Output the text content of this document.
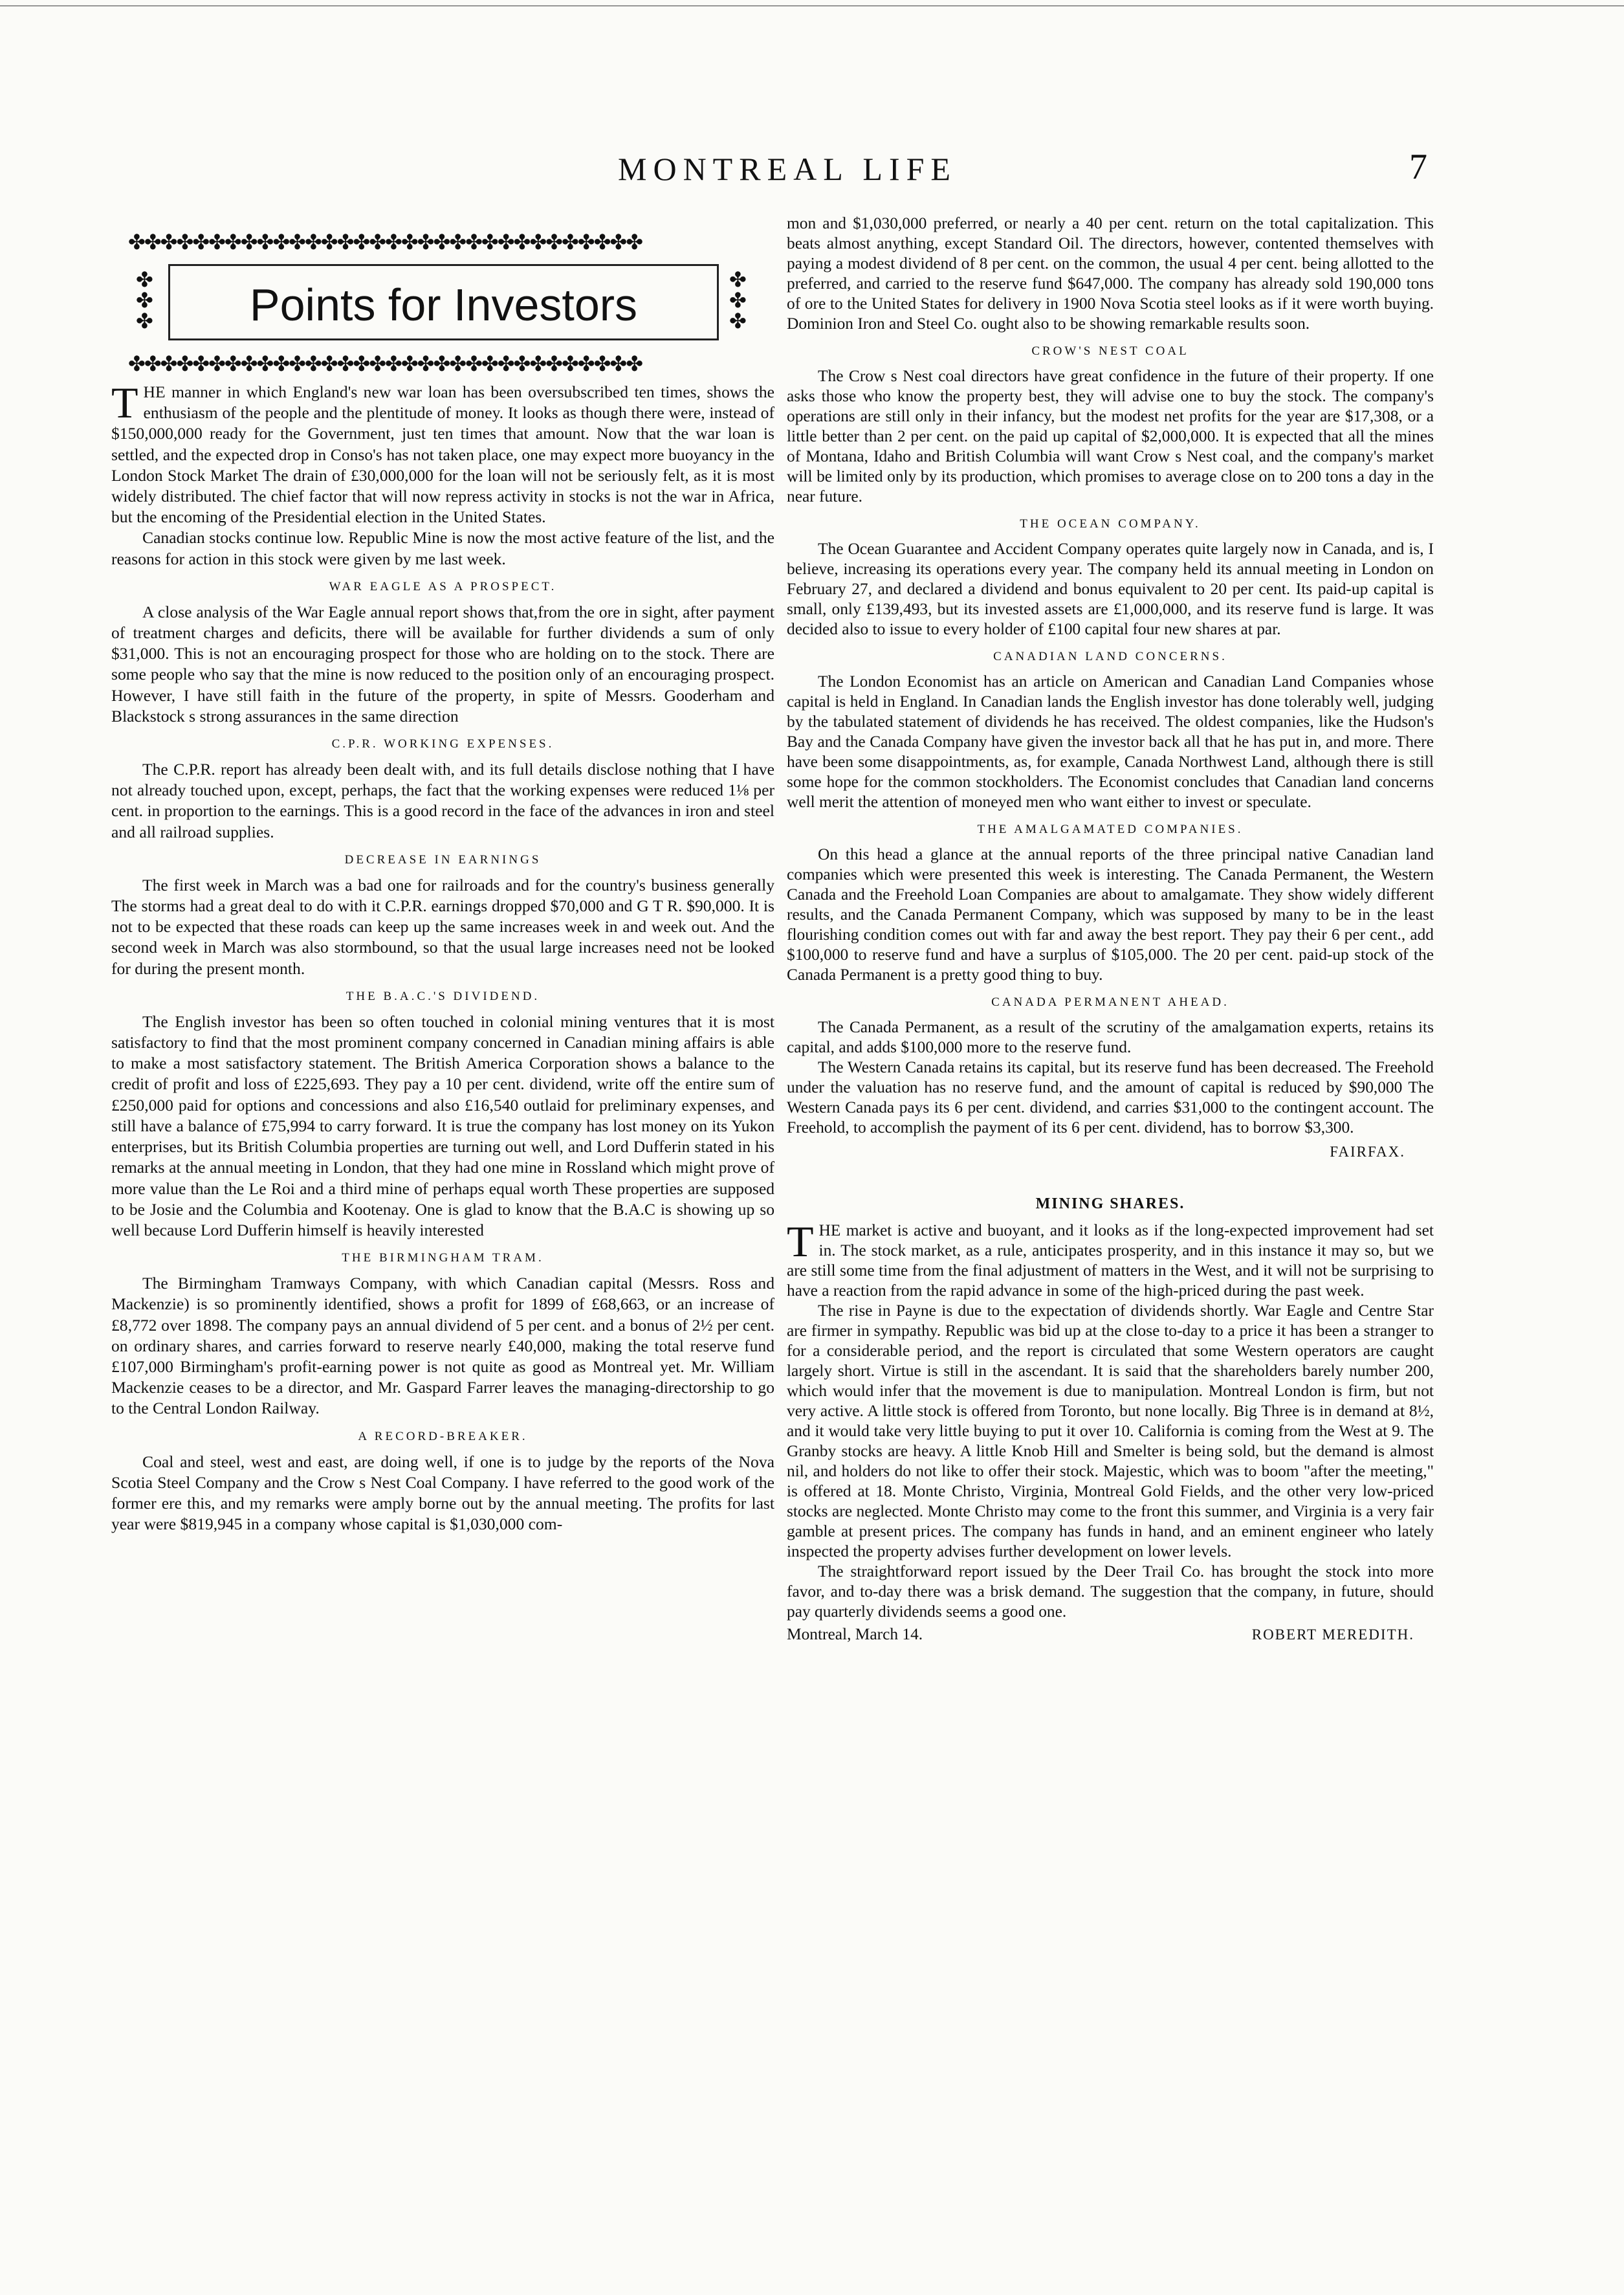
MONTREAL LIFE	7
✤✤✤✤✤✤✤✤✤✤✤✤✤✤✤✤✤✤✤✤✤✤✤✤✤✤✤✤✤✤✤✤
✤✤✤
✤✤✤
Points for Investors
✤✤✤✤✤✤✤✤✤✤✤✤✤✤✤✤✤✤✤✤✤✤✤✤✤✤✤✤✤✤✤✤

THE manner in which England's new war loan has been oversubscribed ten times, shows the enthusiasm of the people and the plentitude of money. It looks as though there were, instead of $150,000,000 ready for the Government, just ten times that amount. Now that the war loan is settled, and the expected drop in Conso's has not taken place, one may expect more buoyancy in the London Stock Market The drain of £30,000,000 for the loan will not be seriously felt, as it is most widely distributed. The chief factor that will now repress activity in stocks is not the war in Africa, but the encoming of the Presidential election in the United States.

Canadian stocks continue low. Republic Mine is now the most active feature of the list, and the reasons for action in this stock were given by me last week.

WAR EAGLE AS A PROSPECT.

A close analysis of the War Eagle annual report shows that,from the ore in sight, after payment of treatment charges and deficits, there will be available for further dividends a sum of only $31,000. This is not an encouraging prospect for those who are holding on to the stock. There are some people who say that the mine is now reduced to the position only of an encouraging prospect. However, I have still faith in the future of the property, in spite of Messrs. Gooderham and Blackstock s strong assurances in the same direction

C.P.R. WORKING EXPENSES.

The C.P.R. report has already been dealt with, and its full details disclose nothing that I have not already touched upon, except, perhaps, the fact that the working expenses were reduced 1⅛ per cent. in proportion to the earnings. This is a good record in the face of the advances in iron and steel and all railroad supplies.

DECREASE IN EARNINGS

The first week in March was a bad one for railroads and for the country's business generally The storms had a great deal to do with it C.P.R. earnings dropped $70,000 and G T R. $90,000. It is not to be expected that these roads can keep up the same increases week in and week out. And the second week in March was also stormbound, so that the usual large increases need not be looked for during the present month.

THE B.A.C.'S DIVIDEND.

The English investor has been so often touched in colonial mining ventures that it is most satisfactory to find that the most prominent company concerned in Canadian mining affairs is able to make a most satisfactory statement. The British America Corporation shows a balance to the credit of profit and loss of £225,693. They pay a 10 per cent. dividend, write off the entire sum of £250,000 paid for options and concessions and also £16,540 outlaid for preliminary expenses, and still have a balance of £75,994 to carry forward. It is true the company has lost money on its Yukon enterprises, but its British Columbia properties are turning out well, and Lord Dufferin stated in his remarks at the annual meeting in London, that they had one mine in Rossland which might prove of more value than the Le Roi and a third mine of perhaps equal worth These properties are supposed to be Josie and the Columbia and Kootenay. One is glad to know that the B.A.C is showing up so well because Lord Dufferin himself is heavily interested

THE BIRMINGHAM TRAM.

The Birmingham Tramways Company, with which Canadian capital (Messrs. Ross and Mackenzie) is so prominently identified, shows a profit for 1899 of £68,663, or an increase of £8,772 over 1898. The company pays an annual dividend of 5 per cent. and a bonus of 2½ per cent. on ordinary shares, and carries forward to reserve nearly £40,000, making the total reserve fund £107,000 Birmingham's profit-earning power is not quite as good as Montreal yet. Mr. William Mackenzie ceases to be a director, and Mr. Gaspard Farrer leaves the managing-directorship to go to the Central London Railway.

A RECORD-BREAKER.

Coal and steel, west and east, are doing well, if one is to judge by the reports of the Nova Scotia Steel Company and the Crow s Nest Coal Company. I have referred to the good work of the former ere this, and my remarks were amply borne out by the annual meeting. The profits for last year were $819,945 in a company whose capital is $1,030,000 com-

mon and $1,030,000 preferred, or nearly a 40 per cent. return on the total capitalization. This beats almost anything, except Standard Oil. The directors, however, contented themselves with paying a modest dividend of 8 per cent. on the common, the usual 4 per cent. being allotted to the preferred, and carried to the reserve fund $647,000. The company has already sold 190,000 tons of ore to the United States for delivery in 1900 Nova Scotia steel looks as if it were worth buying. Dominion Iron and Steel Co. ought also to be showing remarkable results soon.

CROW'S NEST COAL

The Crow s Nest coal directors have great confidence in the future of their property. If one asks those who know the property best, they will advise one to buy the stock. The company's operations are still only in their infancy, but the modest net profits for the year are $17,308, or a little better than 2 per cent. on the paid up capital of $2,000,000. It is expected that all the mines of Montana, Idaho and British Columbia will want Crow s Nest coal, and the company's market will be limited only by its production, which promises to average close on to 200 tons a day in the near future.

THE OCEAN COMPANY.

The Ocean Guarantee and Accident Company operates quite largely now in Canada, and is, I believe, increasing its operations every year. The company held its annual meeting in London on February 27, and declared a dividend and bonus equivalent to 20 per cent. Its paid-up capital is small, only £139,493, but its invested assets are £1,000,000, and its reserve fund is large. It was decided also to issue to every holder of £100 capital four new shares at par.

CANADIAN LAND CONCERNS.

The London Economist has an article on American and Canadian Land Companies whose capital is held in England. In Canadian lands the English investor has done tolerably well, judging by the tabulated statement of dividends he has received. The oldest companies, like the Hudson's Bay and the Canada Company have given the investor back all that he has put in, and more. There have been some disappointments, as, for example, Canada Northwest Land, although there is still some hope for the common stockholders. The Economist concludes that Canadian land concerns well merit the attention of moneyed men who want either to invest or speculate.

THE AMALGAMATED COMPANIES.

On this head a glance at the annual reports of the three principal native Canadian land companies which were presented this week is interesting. The Canada Permanent, the Western Canada and the Freehold Loan Companies are about to amalgamate. They show widely different results, and the Canada Permanent Company, which was supposed by many to be in the least flourishing condition comes out with far and away the best report. They pay their 6 per cent., add $100,000 to reserve fund and have a surplus of $105,000. The 20 per cent. paid-up stock of the Canada Permanent is a pretty good thing to buy.

CANADA PERMANENT AHEAD.

The Canada Permanent, as a result of the scrutiny of the amalgamation experts, retains its capital, and adds $100,000 more to the reserve fund.

The Western Canada retains its capital, but its reserve fund has been decreased. The Freehold under the valuation has no reserve fund, and the amount of capital is reduced by $90,000 The Western Canada pays its 6 per cent. dividend, and carries $31,000 to the contingent account. The Freehold, to accomplish the payment of its 6 per cent. dividend, has to borrow $3,300.

FAIRFAX.
MINING SHARES.

THE market is active and buoyant, and it looks as if the long-expected improvement had set in. The stock market, as a rule, anticipates prosperity, and in this instance it may so, but we are still some time from the final adjustment of matters in the West, and it will not be surprising to have a reaction from the rapid advance in some of the high-priced during the past week.

The rise in Payne is due to the expectation of dividends shortly. War Eagle and Centre Star are firmer in sympathy. Republic was bid up at the close to-day to a price it has been a stranger to for a considerable period, and the report is circulated that some Western operators are caught largely short. Virtue is still in the ascendant. It is said that the shareholders barely number 200, which would infer that the movement is due to manipulation. Montreal London is firm, but not very active. A little stock is offered from Toronto, but none locally. Big Three is in demand at 8½, and it would take very little buying to put it over 10. California is coming from the West at 9. The Granby stocks are heavy. A little Knob Hill and Smelter is being sold, but the demand is almost nil, and holders do not like to offer their stock. Majestic, which was to boom "after the meeting," is offered at 18. Monte Christo, Virginia, Montreal Gold Fields, and the other very low-priced stocks are neglected. Monte Christo may come to the front this summer, and Virginia is a very fair gamble at present prices. The company has funds in hand, and an eminent engineer who lately inspected the property advises further development on lower levels.

The straightforward report issued by the Deer Trail Co. has brought the stock into more favor, and to-day there was a brisk demand. The suggestion that the company, in future, should pay quarterly dividends seems a good one.

Montreal, March 14.	ROBERT MEREDITH.
